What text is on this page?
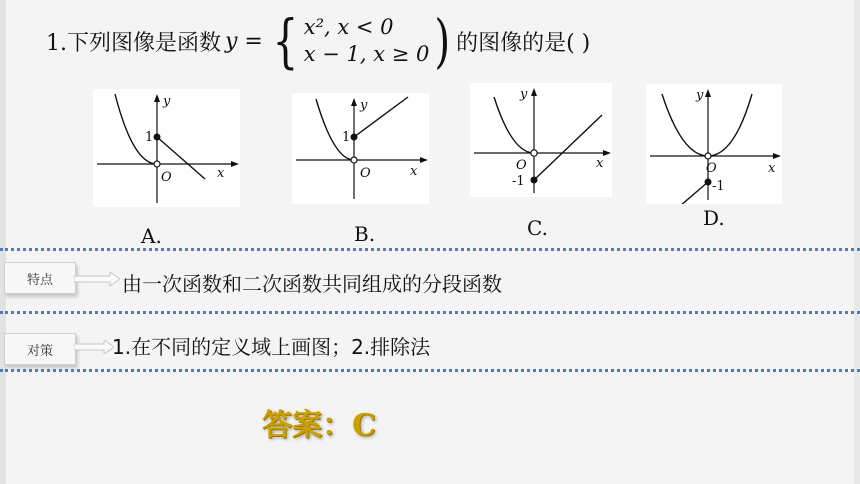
1.下列图像是函数 y = { x², x < 0
x − 1, x ≥ 0 ) 的图像的是( )
y
x
O
1
A.
y
x
O
1
B.
y
x
O
-1
C.
y
x
O
-1
D.
特点	由一次函数和二次函数共同组成的分段函数
对策	1.在不同的定义域上画图；2.排除法
答案：C
